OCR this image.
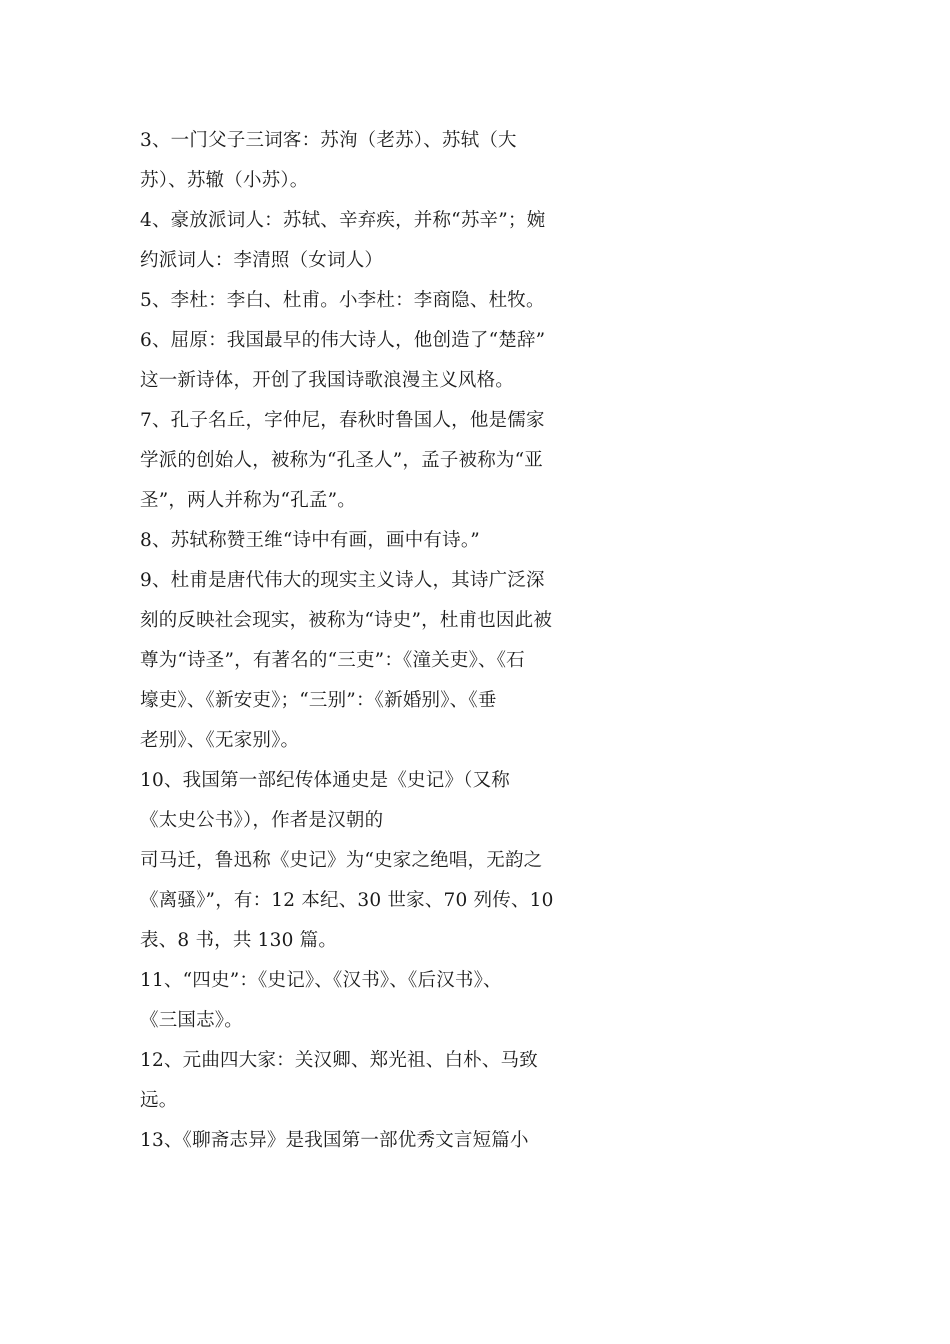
3、一门父子三词客：苏洵（老苏）、苏轼（大
苏）、苏辙（小苏）。
4、豪放派词人：苏轼、辛弃疾，并称“苏辛”；婉
约派词人：李清照（女词人）
5、李杜：李白、杜甫。小李杜：李商隐、杜牧。
6、屈原：我国最早的伟大诗人，他创造了“楚辞”
这一新诗体，开创了我国诗歌浪漫主义风格。
7、孔子名丘，字仲尼，春秋时鲁国人，他是儒家
学派的创始人，被称为“孔圣人”，孟子被称为“亚
圣”，两人并称为“孔孟”。
8、苏轼称赞王维“诗中有画，画中有诗。”
9、杜甫是唐代伟大的现实主义诗人，其诗广泛深
刻的反映社会现实，被称为“诗史”，杜甫也因此被
尊为“诗圣”，有著名的“三吏”：《潼关吏》、《石
壕吏》、《新安吏》；“三别”：《新婚别》、《垂
老别》、《无家别》。
10、我国第一部纪传体通史是《史记》（又称
《太史公书》），作者是汉朝的
司马迁，鲁迅称《史记》为“史家之绝唱，无韵之
《离骚》”，有：12 本纪、30 世家、70 列传、10
表、8 书，共 130 篇。
11、“四史”：《史记》、《汉书》、《后汉书》、
《三国志》。
12、元曲四大家：关汉卿、郑光祖、白朴、马致
远。
13、《聊斋志异》是我国第一部优秀文言短篇小
